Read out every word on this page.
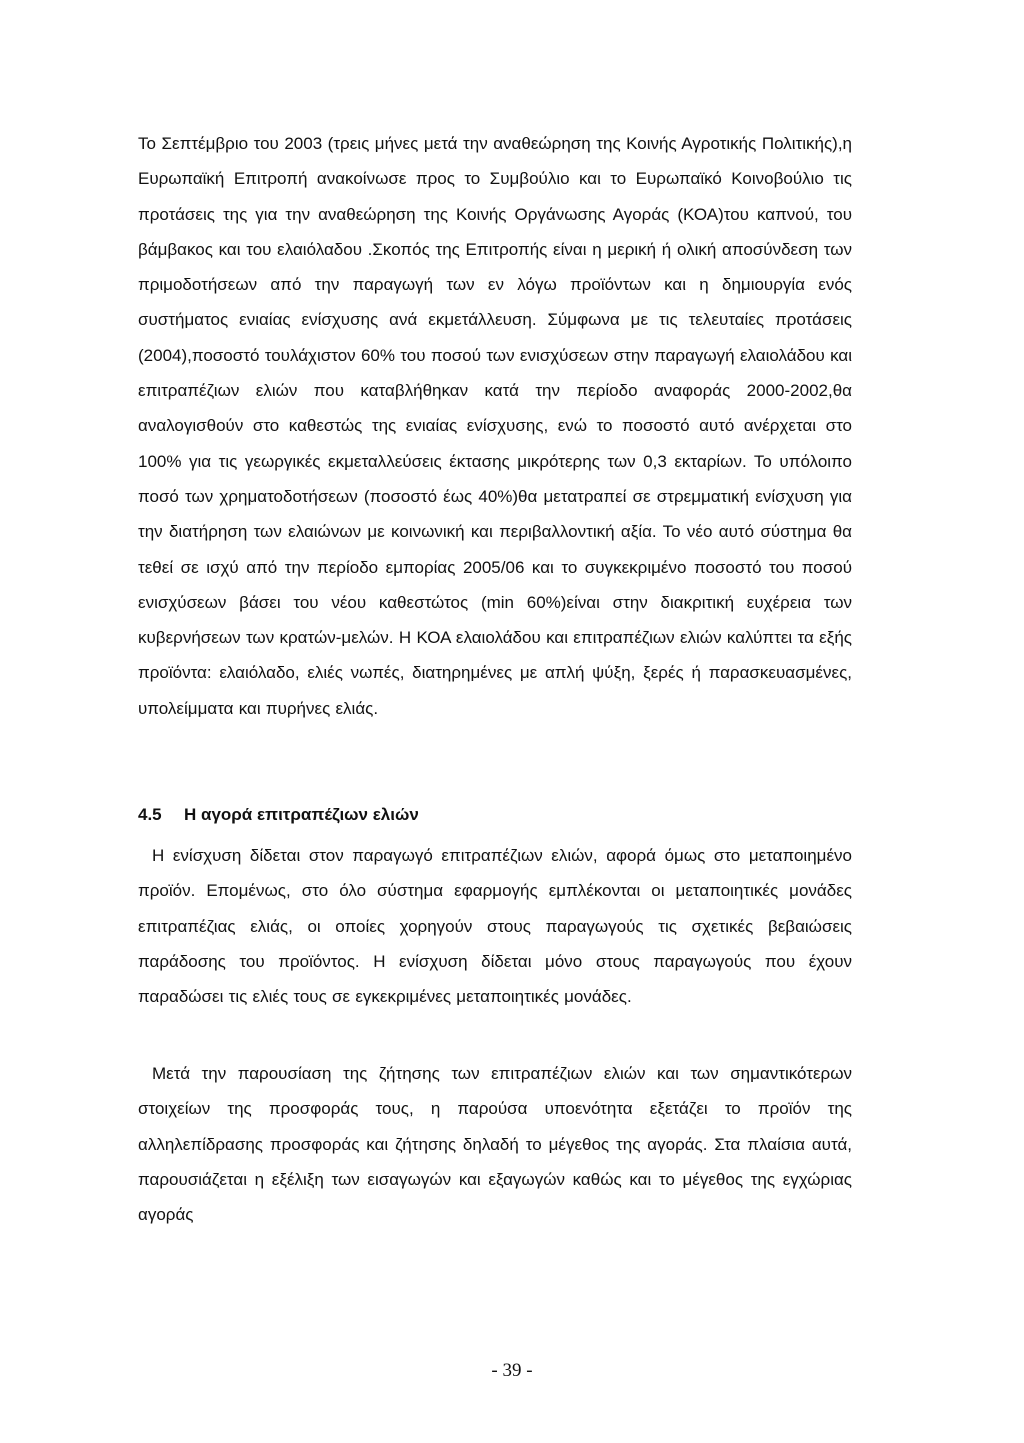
Το Σεπτέμβριο του 2003 (τρεις μήνες μετά την αναθεώρηση της Κοινής Αγροτικής Πολιτικής),η Ευρωπαϊκή Επιτροπή ανακοίνωσε προς το Συμβούλιο και το Ευρωπαϊκό Κοινοβούλιο τις προτάσεις της για την αναθεώρηση της Κοινής Οργάνωσης Αγοράς (ΚΟΑ)του καπνού, του βάμβακος και του ελαιόλαδου .Σκοπός της Επιτροπής είναι η μερική ή ολική αποσύνδεση των πριμοδοτήσεων από την παραγωγή των εν λόγω προϊόντων και η δημιουργία ενός συστήματος ενιαίας ενίσχυσης ανά εκμετάλλευση. Σύμφωνα με τις τελευταίες προτάσεις (2004),ποσοστό τουλάχιστον 60% του ποσού των ενισχύσεων στην παραγωγή ελαιολάδου και επιτραπέζιων ελιών που καταβλήθηκαν κατά την περίοδο αναφοράς 2000-2002,θα αναλογισθούν στο καθεστώς της ενιαίας ενίσχυσης, ενώ το ποσοστό αυτό ανέρχεται στο 100% για τις γεωργικές εκμεταλλεύσεις έκτασης μικρότερης των 0,3 εκταρίων. Το υπόλοιπο ποσό των χρηματοδοτήσεων (ποσοστό έως 40%)θα μετατραπεί σε στρεμματική ενίσχυση για την διατήρηση των ελαιώνων με κοινωνική και περιβαλλοντική αξία. Το νέο αυτό σύστημα θα τεθεί σε ισχύ από την περίοδο εμπορίας 2005/06 και το συγκεκριμένο ποσοστό του ποσού ενισχύσεων βάσει του νέου καθεστώτος (min 60%)είναι στην διακριτική ευχέρεια των κυβερνήσεων των κρατών-μελών. Η ΚΟΑ ελαιολάδου και επιτραπέζιων ελιών καλύπτει τα εξής προϊόντα: ελαιόλαδο, ελιές νωπές, διατηρημένες με απλή ψύξη, ξερές ή παρασκευασμένες, υπολείμματα και πυρήνες ελιάς.

Η ενίσχυση δίδεται στον παραγωγό επιτραπέζιων ελιών, αφορά όμως στο μεταποιημένο προϊόν. Επομένως, στο όλο σύστημα εφαρμογής εμπλέκονται οι μεταποιητικές μονάδες επιτραπέζιας ελιάς, οι οποίες χορηγούν στους παραγωγούς τις σχετικές βεβαιώσεις παράδοσης του προϊόντος. Η ενίσχυση δίδεται μόνο στους παραγωγούς που έχουν παραδώσει τις ελιές τους σε εγκεκριμένες μεταποιητικές μονάδες.

4.5 Η αγορά επιτραπέζιων ελιών

Μετά την παρουσίαση της ζήτησης των επιτραπέζιων ελιών και των σημαντικότερων στοιχείων της προσφοράς τους, η παρούσα υποενότητα εξετάζει το προϊόν της αλληλεπίδρασης προσφοράς και ζήτησης δηλαδή το μέγεθος της αγοράς. Στα πλαίσια αυτά, παρουσιάζεται η εξέλιξη των εισαγωγών και εξαγωγών καθώς και το μέγεθος της εγχώριας αγοράς

- 39 -
